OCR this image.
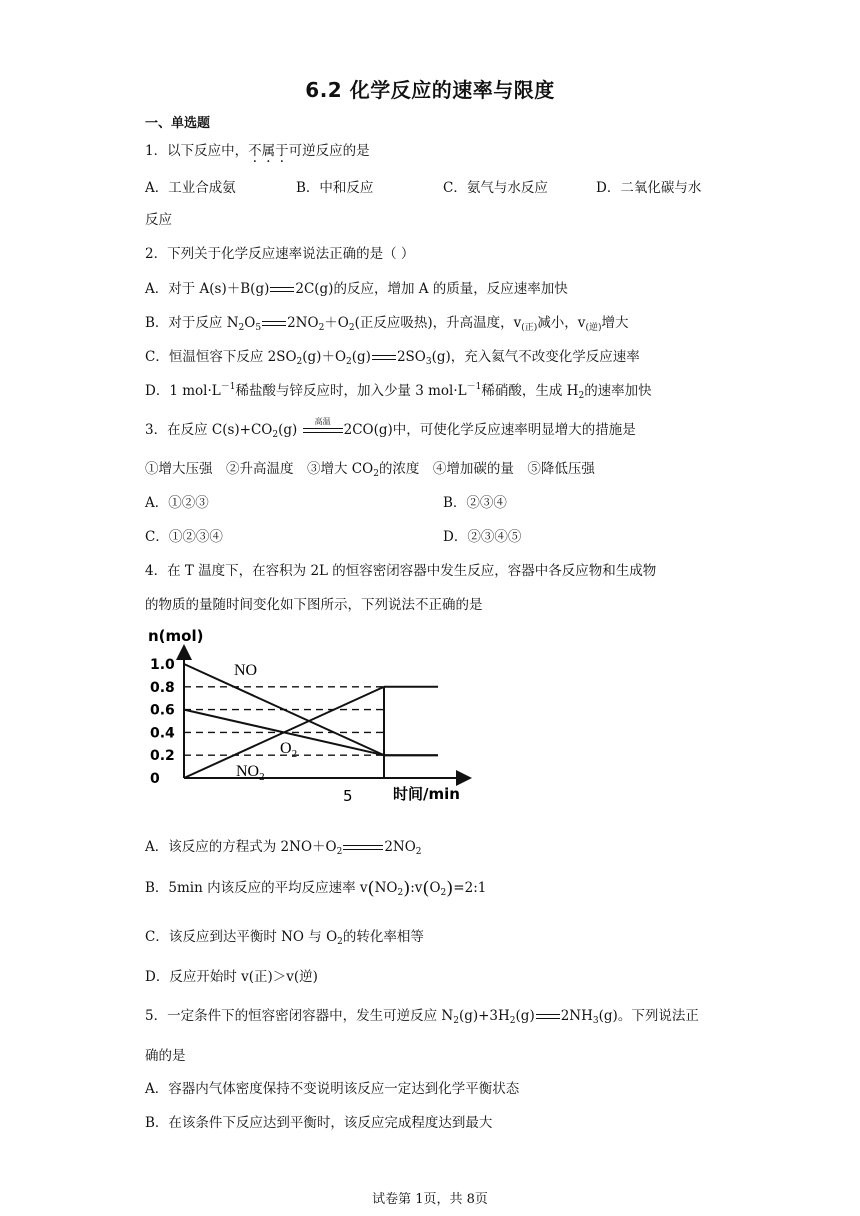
6.2 化学反应的速率与限度
一、单选题
1．以下反应中，不属于可逆反应的是
A．工业合成氨	B．中和反应	C．氨气与水反应	D．二氧化碳与水
反应
2．下列关于化学反应速率说法正确的是（ ）
A．对于 A(s)＋B(g) 2C(g)的反应，增加 A 的质量，反应速率加快
B．对于反应 $N_2O_5$ $2NO_2+O_2$(正反应吸热)，升高温度，$v_{(正)}$减小，$v_{(逆)}$增大
C．恒温恒容下反应 $2SO_2(g)+O_2(g)$ $2SO_3(g)$，充入氦气不改变化学反应速率
D．1 $mol\cdot L^{-1}$稀盐酸与锌反应时，加入少量 3 $mol\cdot L^{-1}$稀硝酸，生成 $H_2$的速率加快
3．在反应 $C(s)+CO_2(g)$
高温
2CO(g)中，可使化学反应速率明显增大的措施是
①增大压强　②升高温度　③增大 $CO_2$的浓度　④增加碳的量　⑤降低压强
A．①②③	B．②③④
C．①②③④	D．②③④⑤
4．在 T 温度下，在容积为 2L 的恒容密闭容器中发生反应，容器中各反应物和生成物
的物质的量随时间变化如下图所示，下列说法不正确的是
n(mol)
时间/min
1.0
0.8
0.6
0.4
0.2
0
5
NO
$O_2$
$NO_2$
A．该反应的方程式为 $2NO+O_2$	$2NO_2$
B．5min 内该反应的平均反应速率 $v(NO_2):v(O_2)=2:1$
C．该反应到达平衡时 NO 与 $O_2$的转化率相等
D．反应开始时 v(正)＞v(逆)
5．一定条件下的恒容密闭容器中，发生可逆反应 $N_2(g)+3H_2(g)$ $2NH_3(g)$。下列说法正
确的是
A．容器内气体密度保持不变说明该反应一定达到化学平衡状态
B．在该条件下反应达到平衡时，该反应完成程度达到最大
试卷第 1页，共 8页
